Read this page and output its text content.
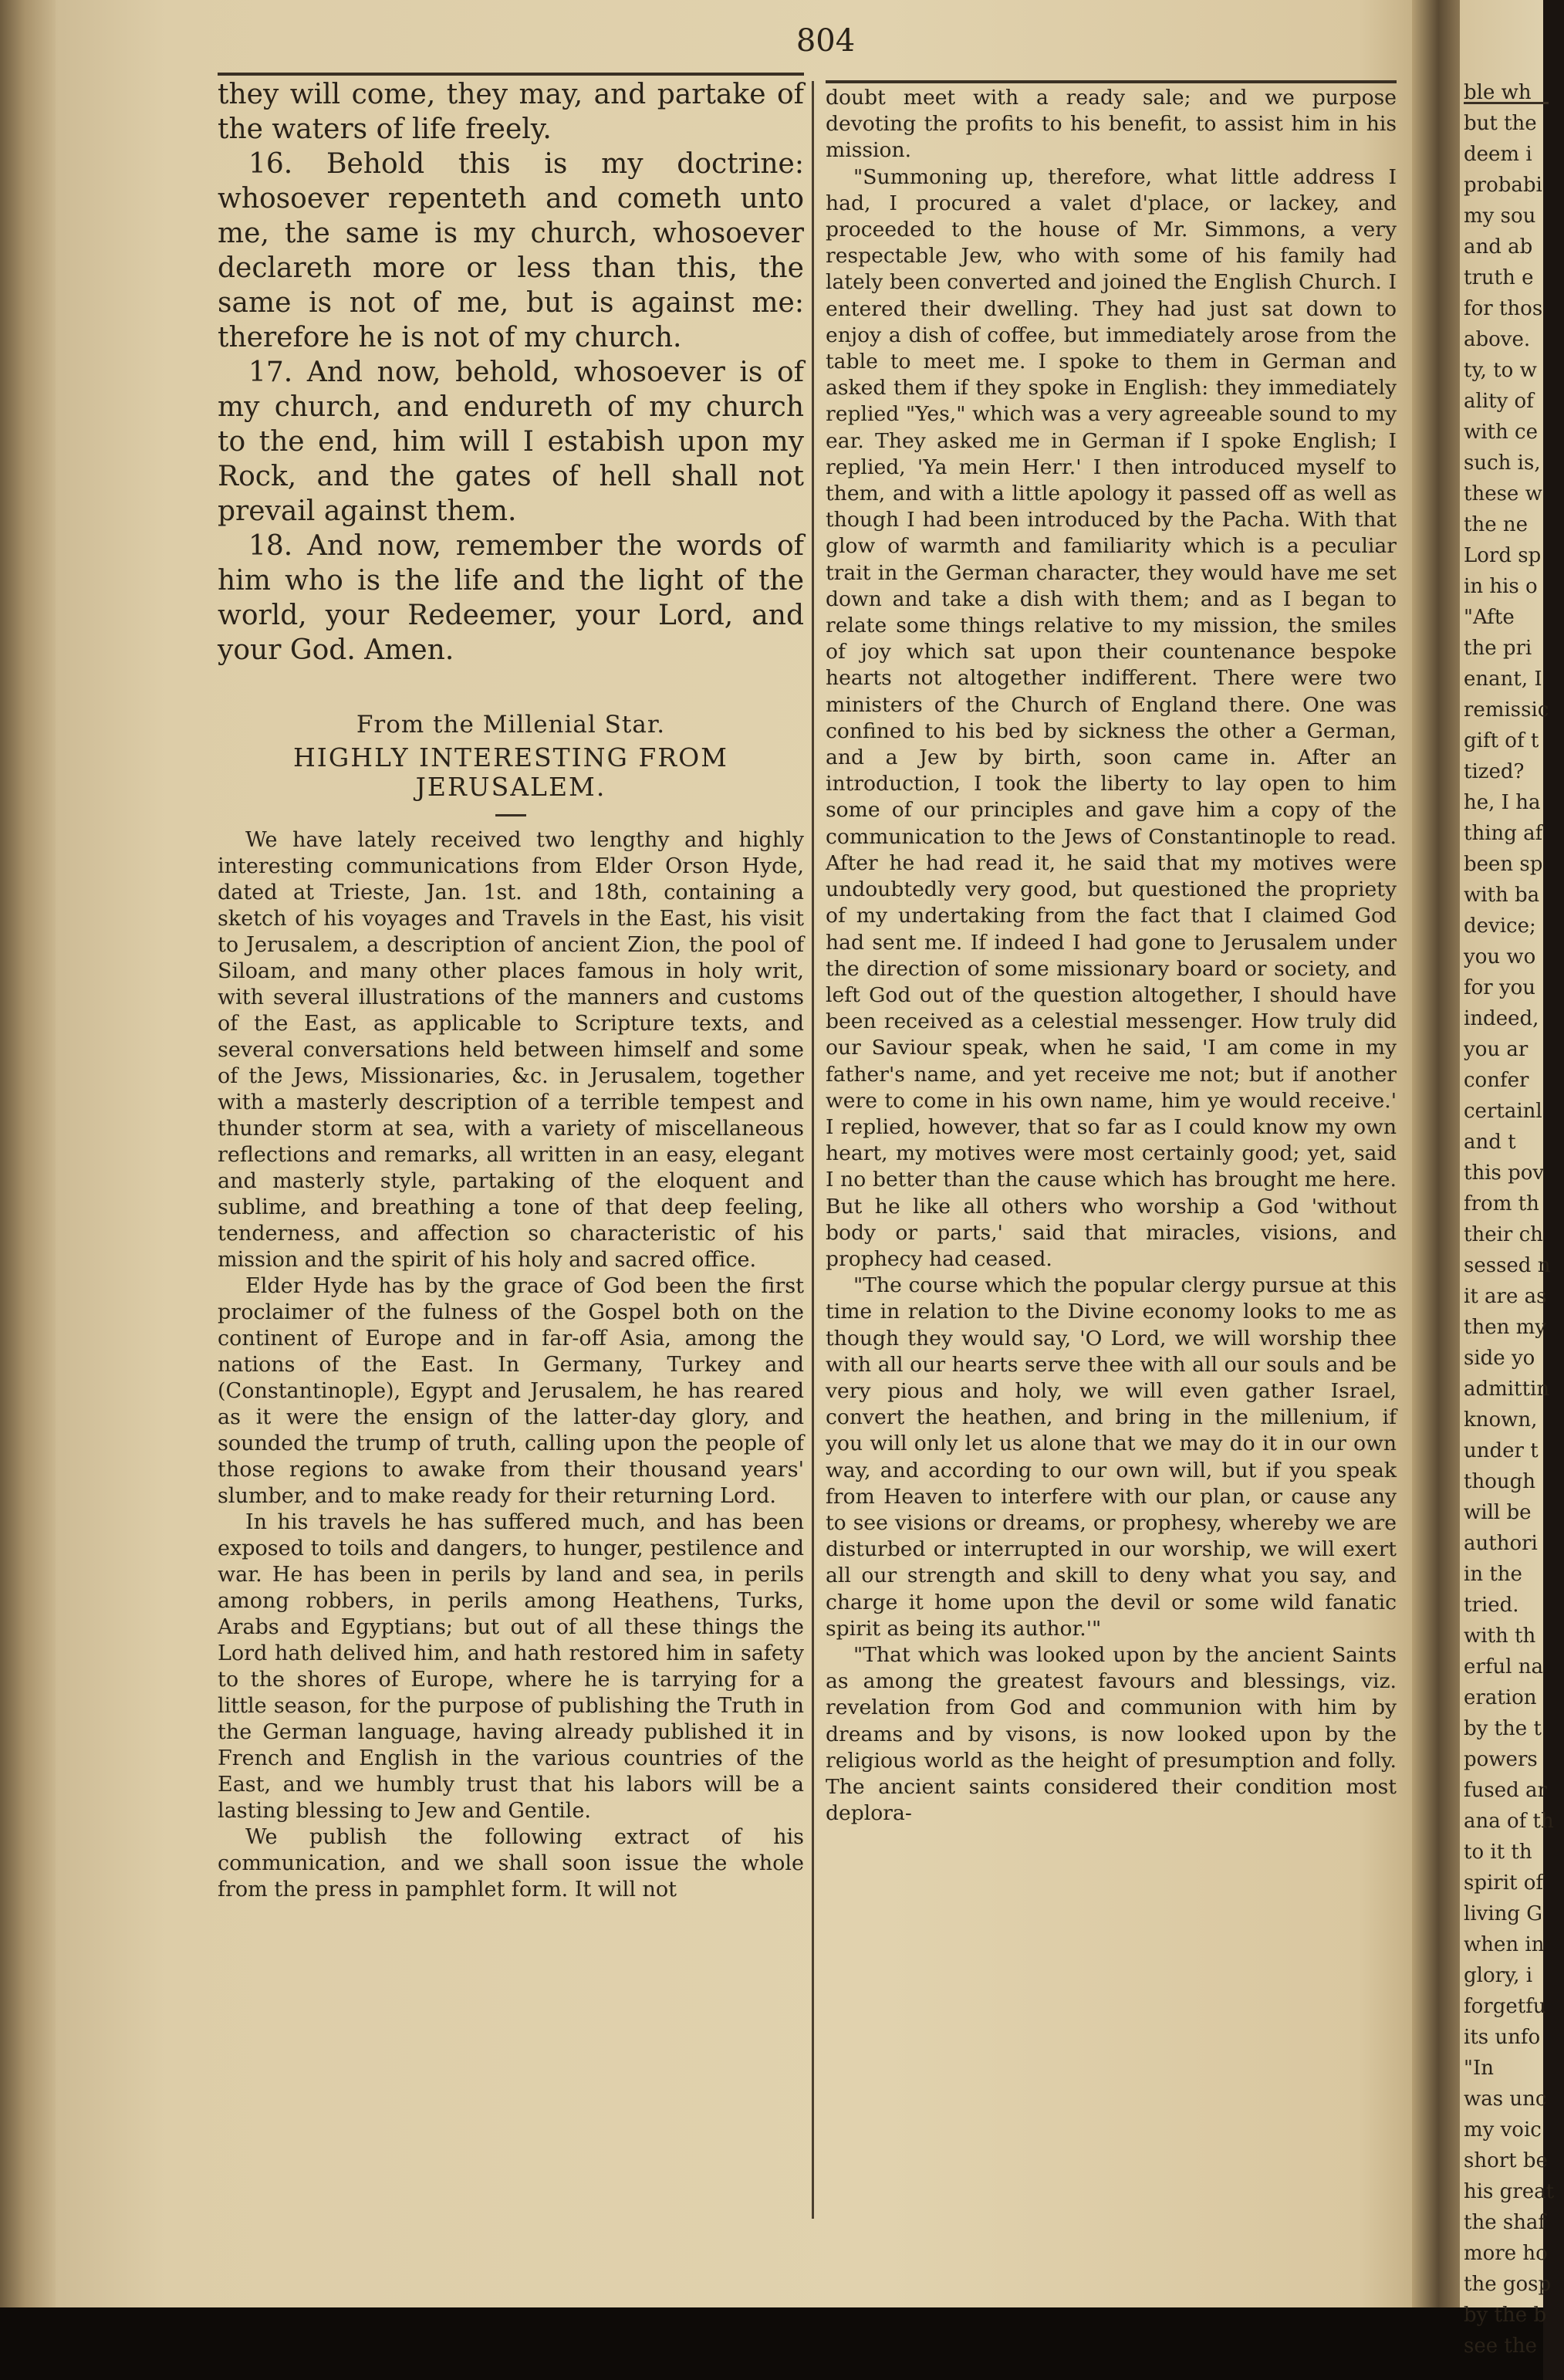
804

they will come, they may, and partake of the waters of life freely.

16. Behold this is my doctrine: whosoever repenteth and cometh unto me, the same is my church, whosoever declareth more or less than this, the same is not of me, but is against me: therefore he is not of my church.

17. And now, behold, whosoever is of my church, and endureth of my church to the end, him will I estabish upon my Rock, and the gates of hell shall not prevail against them.

18. And now, remember the words of him who is the life and the light of the world, your Redeemer, your Lord, and your God. Amen.

From the Millenial Star.
HIGHLY INTERESTING FROM JERUSALEM.

We have lately received two lengthy and highly interesting communications from Elder Orson Hyde, dated at Trieste, Jan. 1st. and 18th, containing a sketch of his voyages and Travels in the East, his visit to Jerusalem, a description of ancient Zion, the pool of Siloam, and many other places famous in holy writ, with several illustrations of the manners and customs of the East, as applicable to Scripture texts, and several conversations held between himself and some of the Jews, Missionaries, &c. in Jerusalem, together with a masterly description of a terrible tempest and thunder storm at sea, with a variety of miscellaneous reflections and remarks, all written in an easy, elegant and masterly style, partaking of the eloquent and sublime, and breathing a tone of that deep feeling, tenderness, and affection so characteristic of his mission and the spirit of his holy and sacred office.

Elder Hyde has by the grace of God been the first proclaimer of the fulness of the Gospel both on the continent of Europe and in far-off Asia, among the nations of the East. In Germany, Turkey and (Constantinople), Egypt and Jerusalem, he has reared as it were the ensign of the latter-day glory, and sounded the trump of truth, calling upon the people of those regions to awake from their thousand years' slumber, and to make ready for their returning Lord.

In his travels he has suffered much, and has been exposed to toils and dangers, to hunger, pestilence and war. He has been in perils by land and sea, in perils among robbers, in perils among Heathens, Turks, Arabs and Egyptians; but out of all these things the Lord hath delived him, and hath restored him in safety to the shores of Europe, where he is tarrying for a little season, for the purpose of publishing the Truth in the German language, having already published it in French and English in the various countries of the East, and we humbly trust that his labors will be a lasting blessing to Jew and Gentile.

We publish the following extract of his communication, and we shall soon issue the whole from the press in pamphlet form. It will not

doubt meet with a ready sale; and we purpose devoting the profits to his benefit, to assist him in his mission.

"Summoning up, therefore, what little address I had, I procured a valet d'place, or lackey, and proceeded to the house of Mr. Simmons, a very respectable Jew, who with some of his family had lately been converted and joined the English Church. I entered their dwelling. They had just sat down to enjoy a dish of coffee, but immediately arose from the table to meet me. I spoke to them in German and asked them if they spoke in English: they immediately replied "Yes," which was a very agreeable sound to my ear. They asked me in German if I spoke English; I replied, 'Ya mein Herr.' I then introduced myself to them, and with a little apology it passed off as well as though I had been introduced by the Pacha. With that glow of warmth and familiarity which is a peculiar trait in the German character, they would have me set down and take a dish with them; and as I began to relate some things relative to my mission, the smiles of joy which sat upon their countenance bespoke hearts not altogether indifferent. There were two ministers of the Church of England there. One was confined to his bed by sickness the other a German, and a Jew by birth, soon came in. After an introduction, I took the liberty to lay open to him some of our principles and gave him a copy of the communication to the Jews of Constantinople to read. After he had read it, he said that my motives were undoubtedly very good, but questioned the propriety of my undertaking from the fact that I claimed God had sent me. If indeed I had gone to Jerusalem under the direction of some missionary board or society, and left God out of the question altogether, I should have been received as a celestial messenger. How truly did our Saviour speak, when he said, 'I am come in my father's name, and yet receive me not; but if another were to come in his own name, him ye would receive.' I replied, however, that so far as I could know my own heart, my motives were most certainly good; yet, said I no better than the cause which has brought me here. But he like all others who worship a God 'without body or parts,' said that miracles, visions, and prophecy had ceased.

"The course which the popular clergy pursue at this time in relation to the Divine economy looks to me as though they would say, 'O Lord, we will worship thee with all our hearts serve thee with all our souls and be very pious and holy, we will even gather Israel, convert the heathen, and bring in the millenium, if you will only let us alone that we may do it in our own way, and according to our own will, but if you speak from Heaven to interfere with our plan, or cause any to see visions or dreams, or prophesy, whereby we are disturbed or interrupted in our worship, we will exert all our strength and skill to deny what you say, and charge it home upon the devil or some wild fanatic spirit as being its author.'"

"That which was looked upon by the ancient Saints as among the greatest favours and blessings, viz. revelation from God and communion with him by dreams and by visons, is now looked upon by the religious world as the height of presumption and folly. The ancient saints considered their condition most deplora-

ble wh
but the
deem i
probabi
my sou
and ab
truth e
for thos
above.
ty, to w
ality of
with ce
such is,
these w
the ne
Lord sp
in his o
"Afte
the pri
enant, I
remissic
gift of t
tized?
he, I ha
thing af
been sp
with ba
device;
you wo
for you
indeed,
you ar
confer
certainl
and t
this pov
from th
their ch
sessed n
it are as
then my
side yo
admittin
known,
under t
though
will be
authori
in the
tried.
with th
erful na
eration
by the t
powers
fused ar
ana of th
to it th
spirit of
living G
when in
glory, i
forgetfu
its unfo
"In
was unc
my voic
short be
his great
the shaf
more ho
the gosp
by the b
see the
